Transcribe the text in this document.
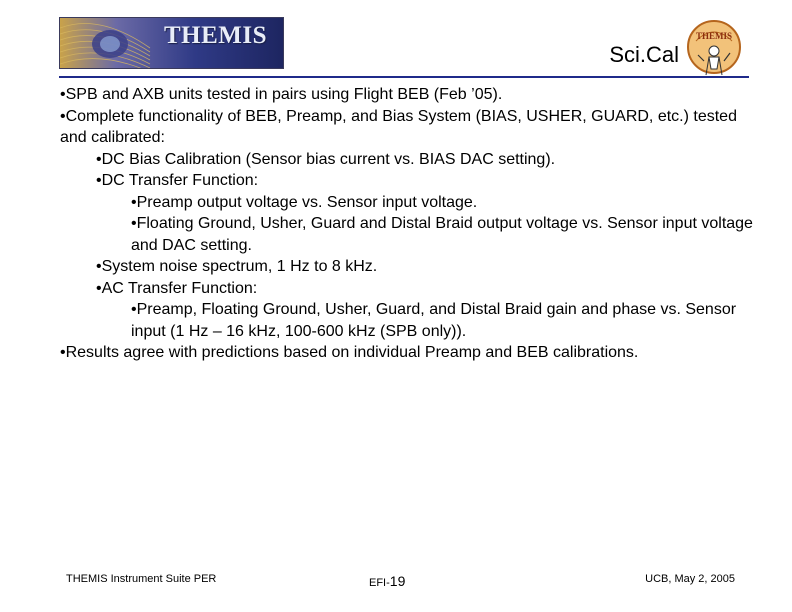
THEMIS
Sci.Cal
THEMIS

•SPB and AXB units tested in pairs using Flight BEB (Feb ’05).

•Complete functionality of BEB, Preamp, and Bias System (BIAS, USHER, GUARD, etc.) tested and calibrated:

•DC Bias Calibration (Sensor bias current vs. BIAS DAC setting).

•DC Transfer Function:

•Preamp output voltage vs. Sensor input voltage.

•Floating Ground, Usher, Guard and Distal Braid output voltage vs. Sensor input voltage and DAC setting.

•System noise spectrum, 1 Hz to 8 kHz.

•AC Transfer Function:

•Preamp, Floating Ground, Usher, Guard, and Distal Braid gain and phase vs. Sensor input (1 Hz – 16 kHz, 100-600 kHz (SPB only)).

•Results agree with predictions based on individual Preamp and BEB calibrations.

THEMIS Instrument Suite PER	EFI-19	UCB, May 2, 2005
